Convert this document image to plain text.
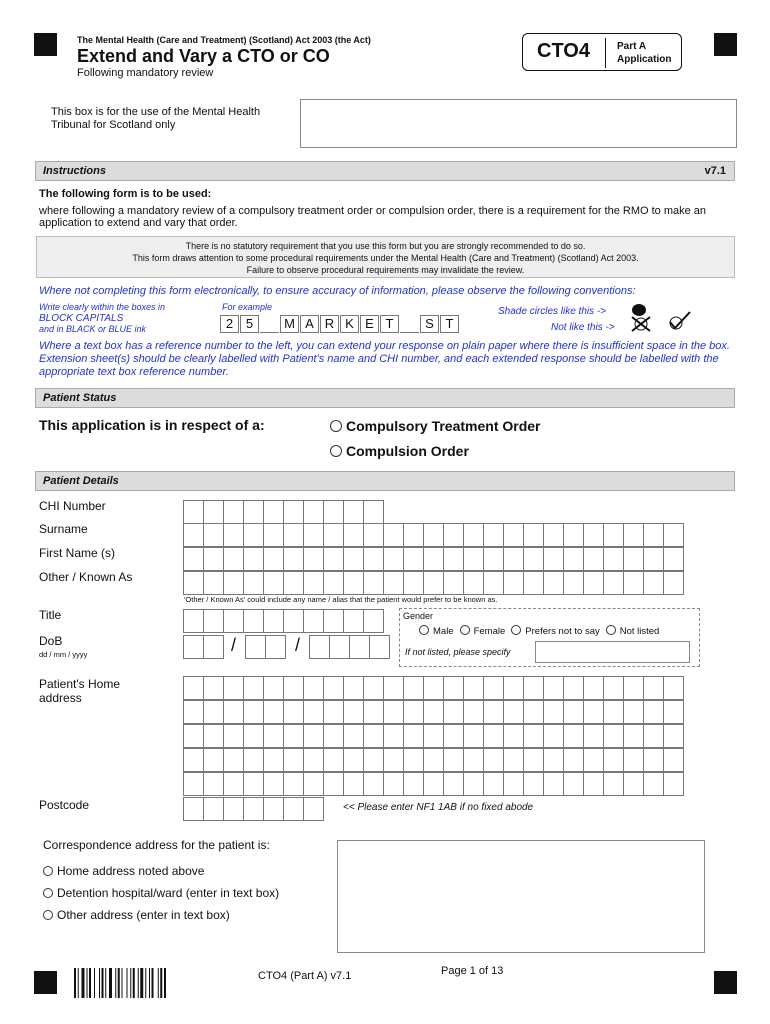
The Mental Health (Care and Treatment) (Scotland) Act 2003 (the Act)
Extend and Vary a CTO or CO
Following mandatory review
CTO4	Part A
Application
This box is for the use of the Mental Health Tribunal for Scotland only
Instructions	v7.1
The following form is to be used:
where following a mandatory review of a compulsory treatment order or compulsion order, there is a requirement for the RMO to make an application to extend and vary that order.
There is no statutory requirement that you use this form but you are strongly recommended to do so.
This form draws attention to some procedural requirements under the Mental Health (Care and Treatment) (Scotland) Act 2003.
Failure to observe procedural requirements may invalidate the review.
Where not completing this form electronically, to ensure accuracy of information, please observe the following conventions:
Write clearly within the boxes in
BLOCK CAPITALS
and in BLACK or BLUE ink
For example
2 5	M A R K E T	S T
Shade circles like this ->
Not like this ->
Where a text box has a reference number to the left, you can extend your response on plain paper where there is insufficient space in the box. Extension sheet(s) should be clearly labelled with Patient's name and CHI number, and each extended response should be labelled with the appropriate text box reference number.
Patient Status
This application is in respect of a:	Compulsory Treatment Order
Compulsion Order
Patient Details
CHI Number
Surname
First Name (s)
Other / Known As
'Other / Known As' could include any name / alias that the patient would prefer to be known as.
Title
DoB
dd / mm / yyyy	/	/
Gender
Male Female Prefers not to say Not listed
If not listed, please specify
Patient's Home
address
Postcode	<< Please enter NF1 1AB if no fixed abode
Correspondence address for the patient is:
Home address noted above
Detention hospital/ward (enter in text box)
Other address (enter in text box)
CTO4 (Part A) v7.1	Page 1 of 13
